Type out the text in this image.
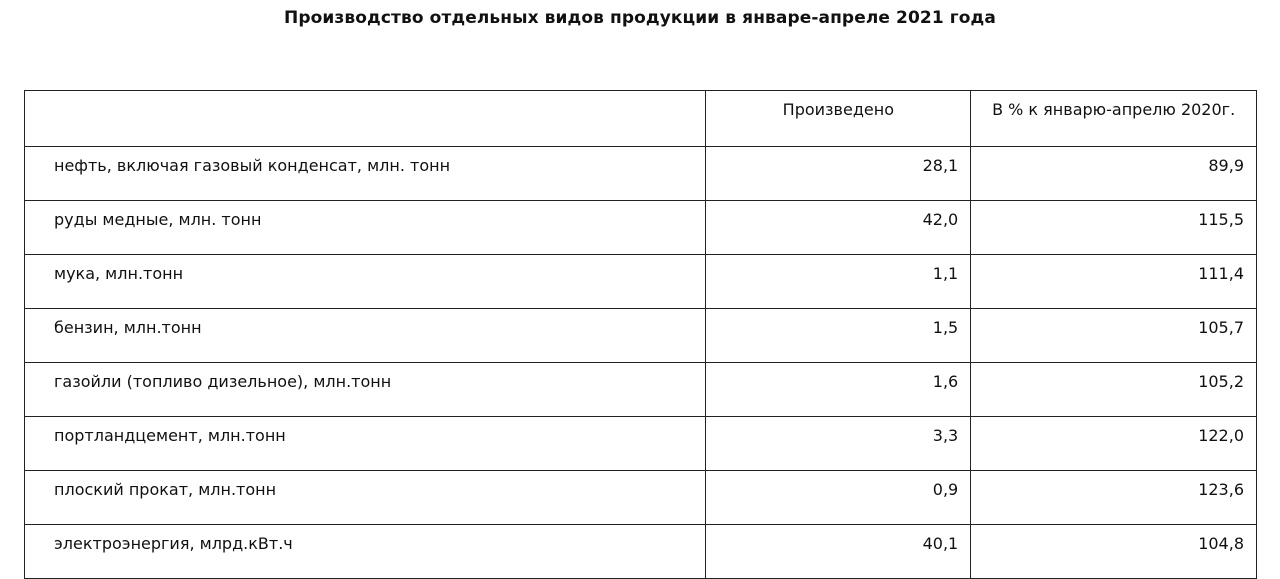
Производство отдельных видов продукции в январе-апреле 2021 года
	Произведено	В % к январю-апрелю 2020г.
нефть, включая газовый конденсат, млн. тонн	28,1	89,9
руды медные, млн. тонн	42,0	115,5
мука, млн.тонн	1,1	111,4
бензин, млн.тонн	1,5	105,7
газойли (топливо дизельное), млн.тонн	1,6	105,2
портландцемент, млн.тонн	3,3	122,0
плоский прокат, млн.тонн	0,9	123,6
электроэнергия, млрд.кВт.ч	40,1	104,8
